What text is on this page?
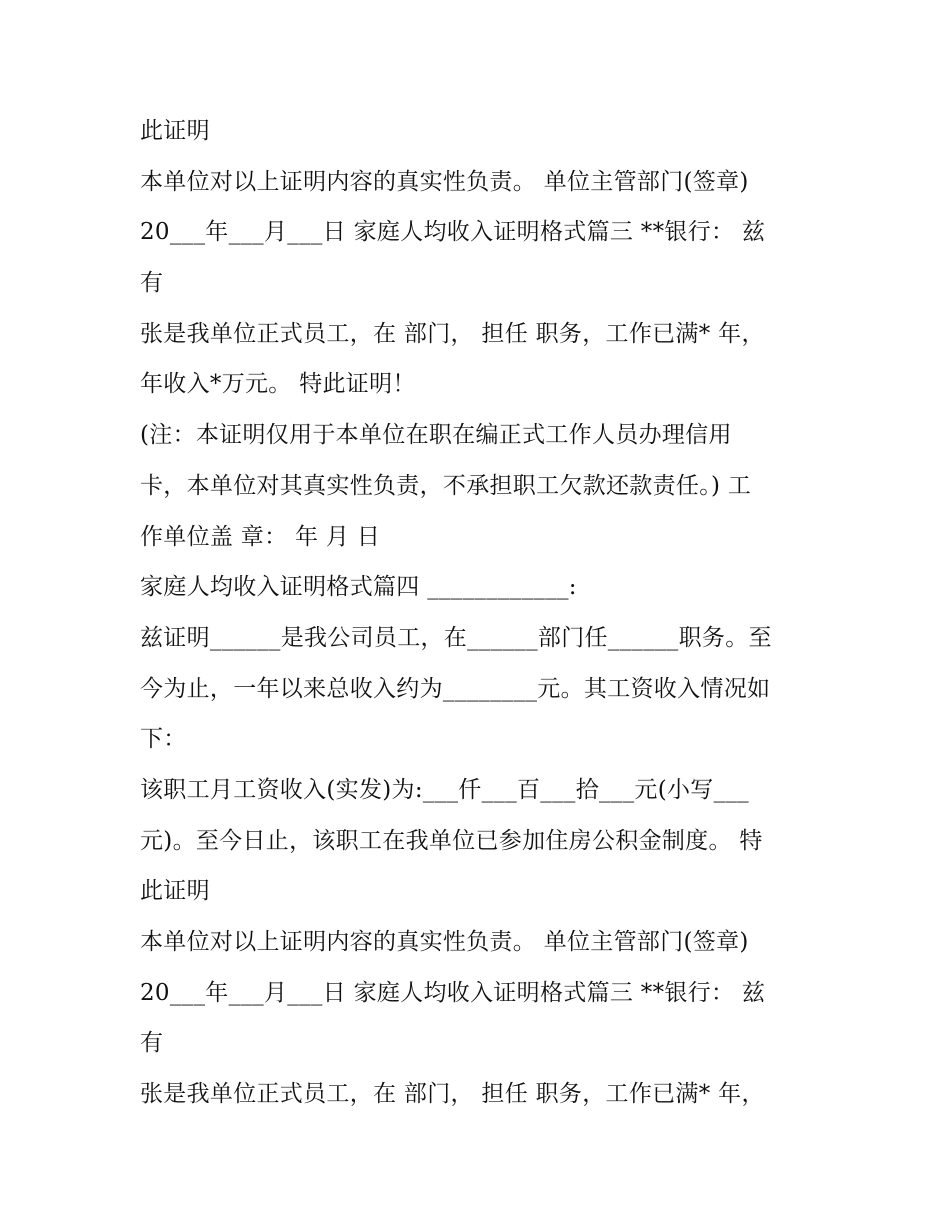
此证明
本单位对以上证明内容的真实性负责。 单位主管部门(签章)
20___年___月___日 家庭人均收入证明格式篇三 **银行： 兹
有
张是我单位正式员工，在 部门， 担任 职务，工作已满* 年，
年收入*万元。 特此证明！
(注：本证明仅用于本单位在职在编正式工作人员办理信用
卡，本单位对其真实性负责，不承担职工欠款还款责任。) 工
作单位盖 章： 年 月 日
家庭人均收入证明格式篇四 ____________:
兹证明______是我公司员工，在______部门任______职务。至
今为止，一年以来总收入约为________元。其工资收入情况如
下：
该职工月工资收入(实发)为:___仟___百___拾___元(小写___
元)。至今日止，该职工在我单位已参加住房公积金制度。 特
此证明
本单位对以上证明内容的真实性负责。 单位主管部门(签章)
20___年___月___日 家庭人均收入证明格式篇三 **银行： 兹
有
张是我单位正式员工，在 部门， 担任 职务，工作已满* 年，
